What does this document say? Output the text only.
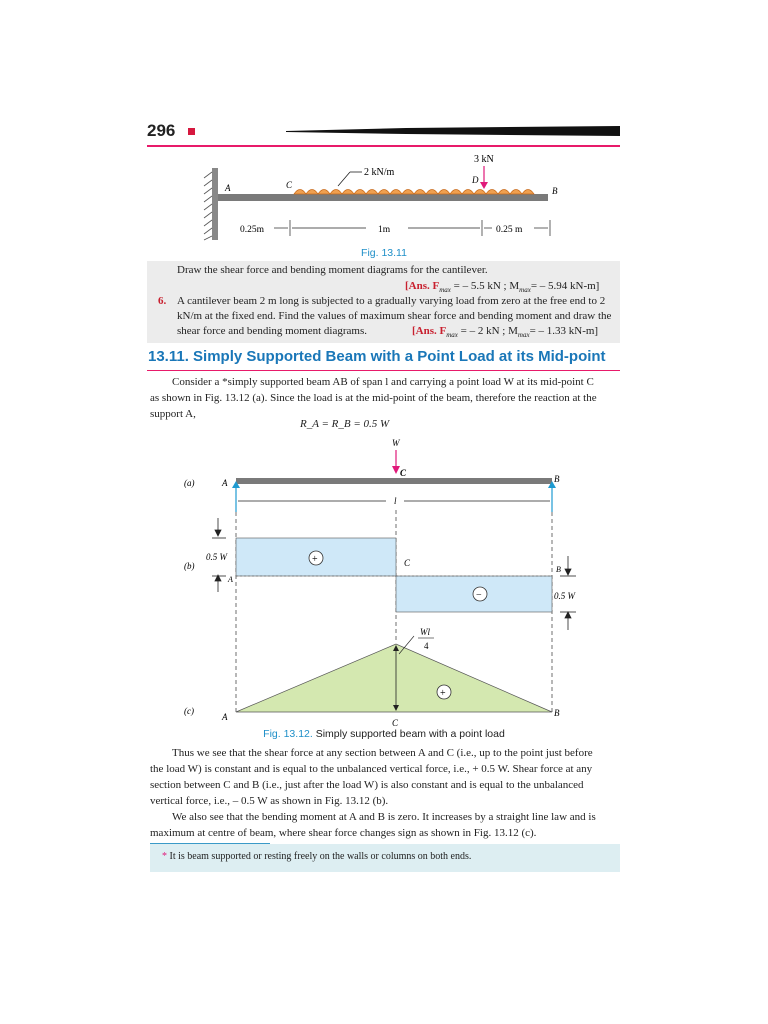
296
2 kN/m
3 kN
A	C	D
B
0.25m	1m	0.25 m
Fig. 13.11
Draw the shear force and bending moment diagrams for the cantilever.
[Ans. $F_{max}$ = – 5.5 kN ; $M_{max}= - 5.94$ kN-m]
6. A cantilever beam 2 m long is subjected to a gradually varying load from zero at the free end to 2
kN/m at the fixed end. Find the values of maximum shear force and bending moment and draw the
shear force and bending moment diagrams.	[Ans. $F_{max}$ = – 2 kN ; $M_{max}= - 1.33$ kN-m]
13.11. Simply Supported Beam with a Point Load at its Mid-point
Consider a *simply supported beam AB of span l and carrying a point load W at its mid-point C
as shown in Fig. 13.12 (a). Since the load is at the mid-point of the beam, therefore the reaction at the
support A,
R_A = R_B = 0.5 W
(a)
W
C
A	B
l
(b)
+
−
0.5 W
C
0.5 W
A
B
(c)
Wl
4
+
A	B
C
Fig. 13.12. Simply supported beam with a point load
Thus we see that the shear force at any section between A and C (i.e., up to the point just before
the load W) is constant and is equal to the unbalanced vertical force, i.e., + 0.5 W. Shear force at any
section between C and B (i.e., just after the load W) is also constant and is equal to the unbalanced
vertical force, i.e., – 0.5 W as shown in Fig. 13.12 (b).
We also see that the bending moment at A and B is zero. It increases by a straight line law and is
maximum at centre of beam, where shear force changes sign as shown in Fig. 13.12 (c).
* It is beam supported or resting freely on the walls or columns on both ends.
